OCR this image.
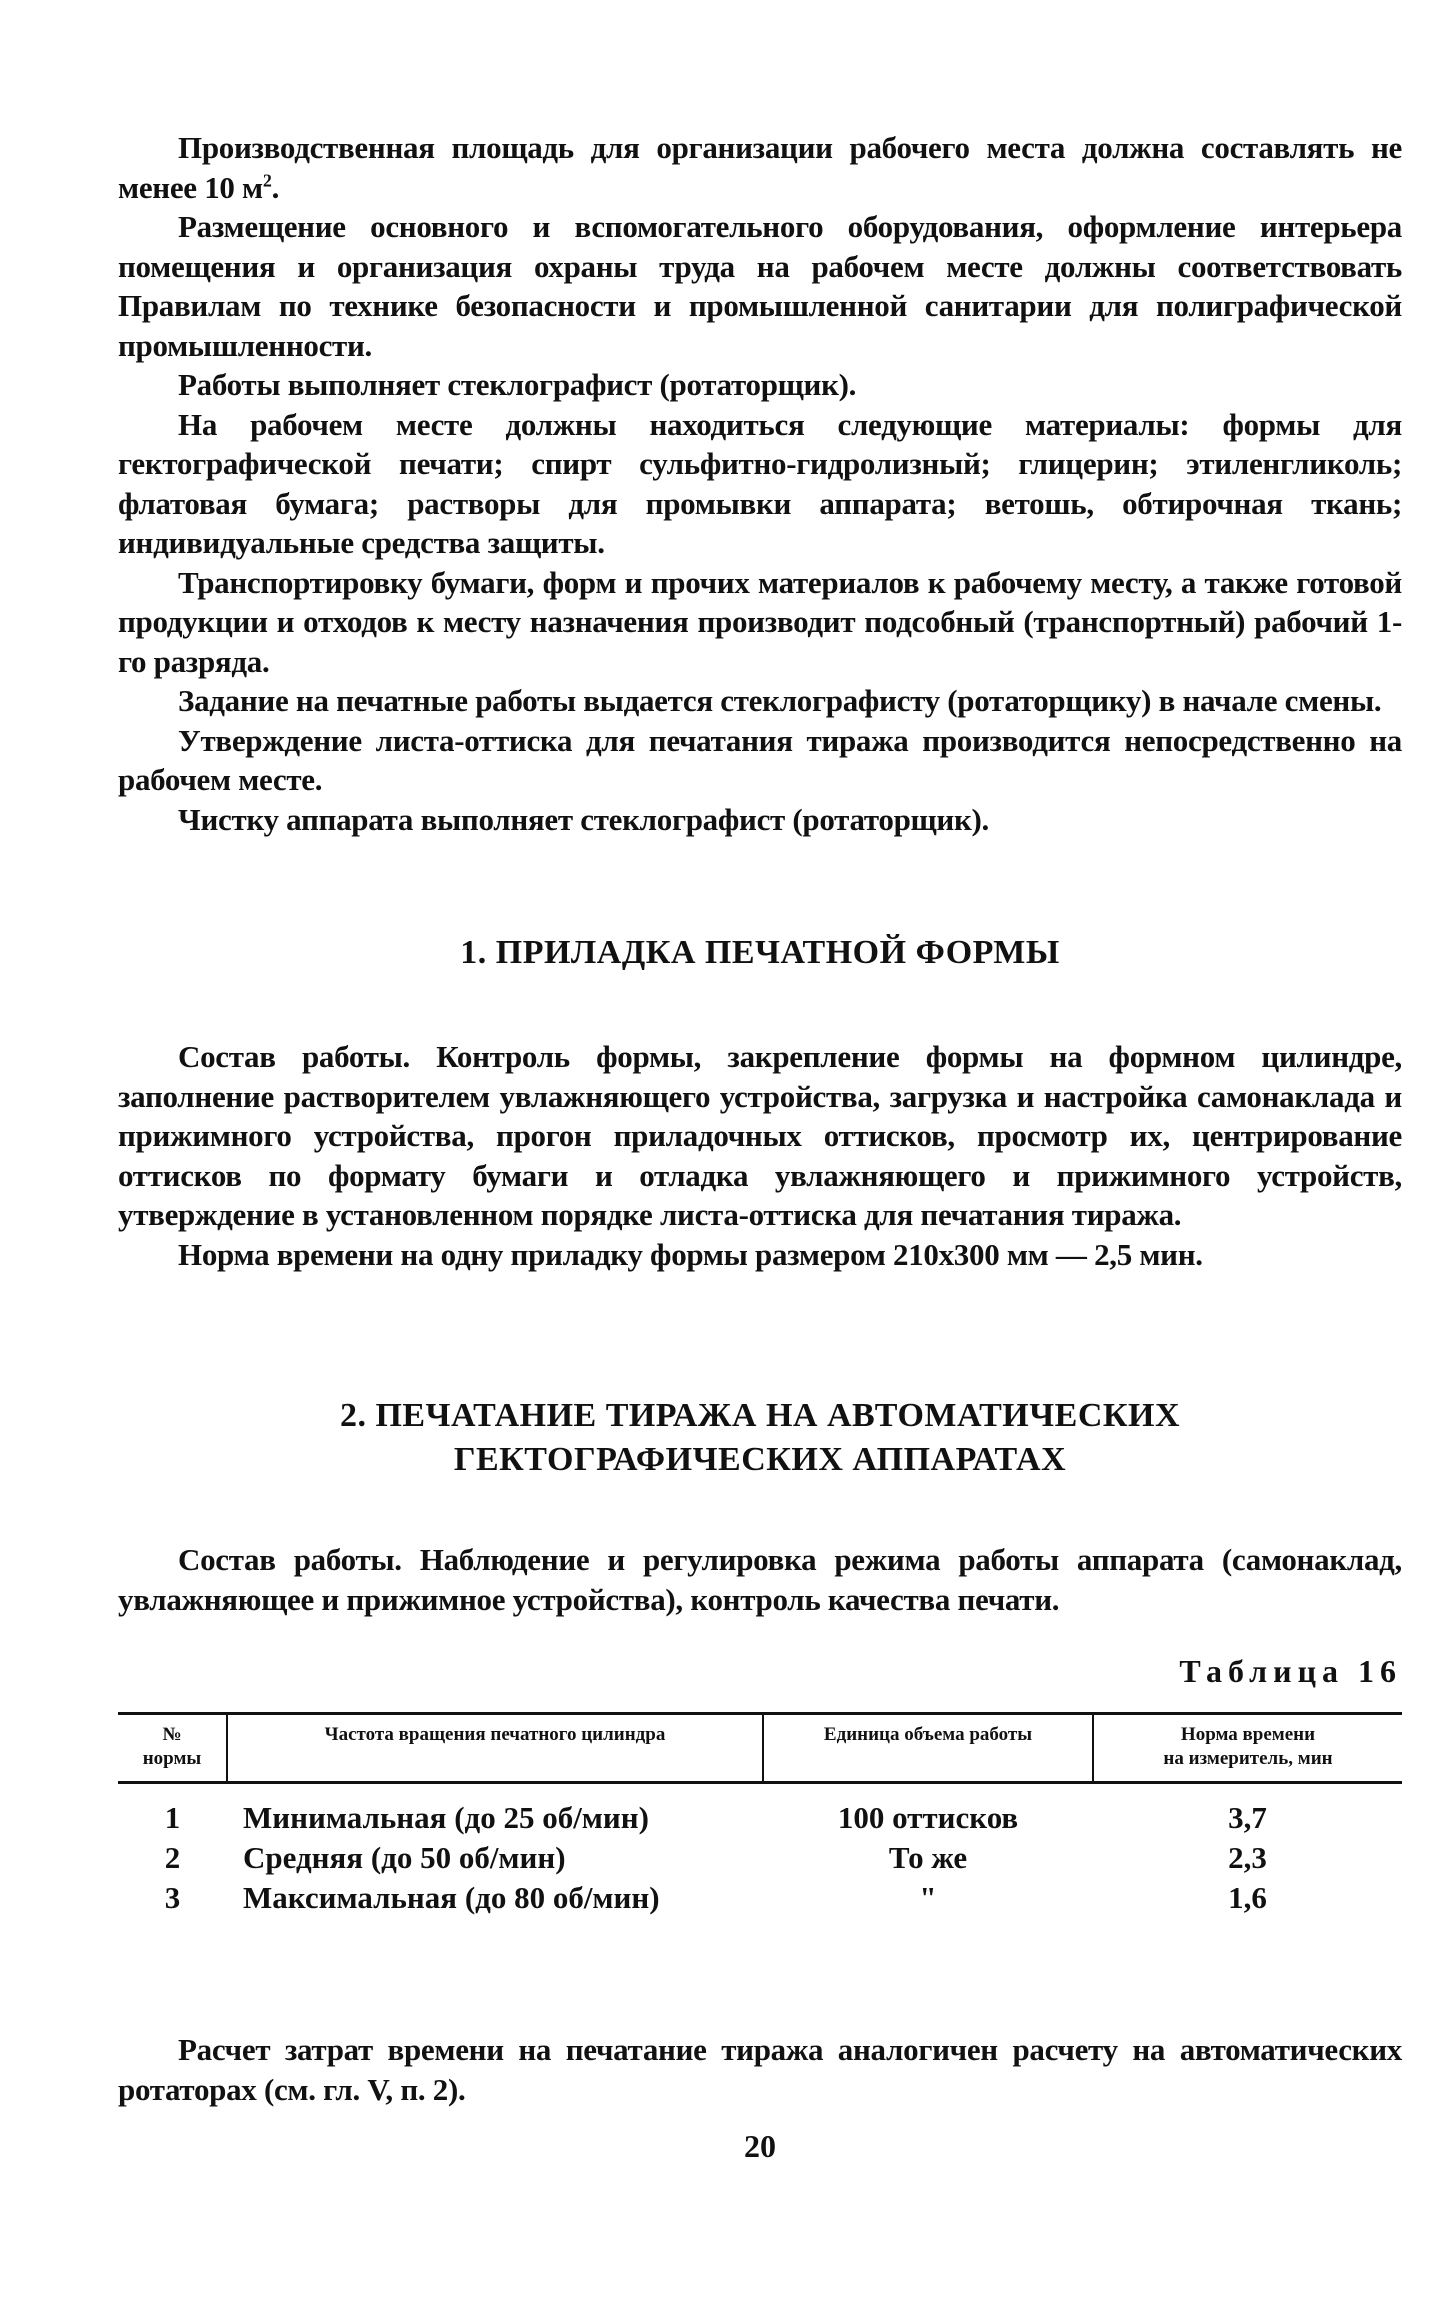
Производственная площадь для организации рабочего места должна составлять не менее 10 $м^2$.

Размещение основного и вспомогательного оборудования, оформление интерьера помещения и организация охраны труда на рабочем месте должны соответствовать Правилам по технике безопасности и промышленной санитарии для полиграфической промышленности.

Работы выполняет стеклографист (ротаторщик).

На рабочем месте должны находиться следующие материалы: формы для гектографической печати; спирт сульфитно-гидролизный; глицерин; этиленгликоль; флатовая бумага; растворы для промывки аппарата; ветошь, обтирочная ткань; индивидуальные средства защиты.

Транспортировку бумаги, форм и прочих материалов к рабочему месту, а также готовой продукции и отходов к месту назначения производит подсобный (транспортный) рабочий 1-го разряда.

Задание на печатные работы выдается стеклографисту (ротаторщику) в начале смены.

Утверждение листа-оттиска для печатания тиража производится непосредственно на рабочем месте.

Чистку аппарата выполняет стеклографист (ротаторщик).

1. ПРИЛАДКА ПЕЧАТНОЙ ФОРМЫ

Состав работы. Контроль формы, закрепление формы на формном цилиндре, заполнение растворителем увлажняющего устройства, загрузка и настройка самонаклада и прижимного устройства, прогон приладочных оттисков, просмотр их, центрирование оттисков по формату бумаги и отладка увлажняющего и прижимного устройств, утверждение в установленном порядке листа-оттиска для печатания тиража.

Норма времени на одну приладку формы размером 210х300 мм — 2,5 мин.

2. ПЕЧАТАНИЕ ТИРАЖА НА АВТОМАТИЧЕСКИХ
ГЕКТОГРАФИЧЕСКИХ АППАРАТАХ

Состав работы. Наблюдение и регулировка режима работы аппарата (самонаклад, увлажняющее и прижимное устройства), контроль качества печати.

Таблица 16

№
нормы	Частота вращения печатного цилиндра	Единица объема работы	Норма времени
на измеритель, мин

1	Минимальная (до 25 об/мин)	100 оттисков	3,7
2	Средняя (до 50 об/мин)	То же	2,3
3	Максимальная (до 80 об/мин)	"	1,6

Расчет затрат времени на печатание тиража аналогичен расчету на автоматических ротаторах (см. гл. V, п. 2).

20
